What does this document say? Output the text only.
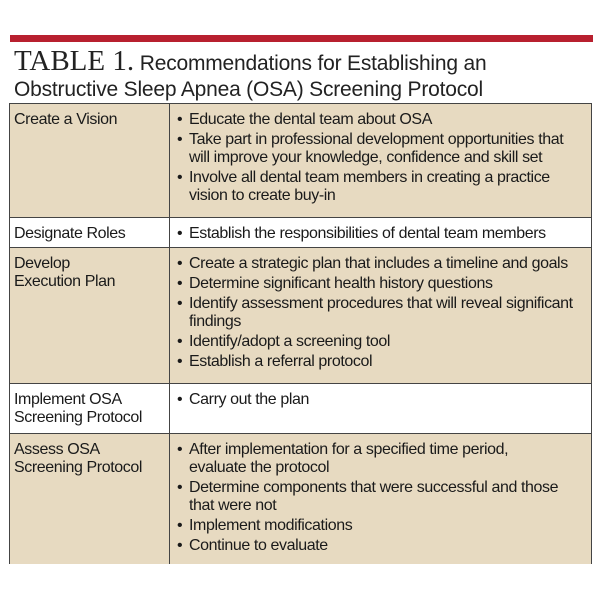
TABLE 1. Recommendations for Establishing an
Obstructive Sleep Apnea (OSA) Screening Protocol
Create a Vision	• Educate the dental team about OSA
• Take part in professional development opportunities that
will improve your knowledge, confidence and skill set
• Involve all dental team members in creating a practice
vision to create buy-in
Designate Roles	• Establish the responsibilities of dental team members
Develop
Execution Plan
• Create a strategic plan that includes a timeline and goals
• Determine significant health history questions
• Identify assessment procedures that will reveal significant
findings
• Identify/adopt a screening tool
• Establish a referral protocol
Implement OSA
Screening Protocol
• Carry out the plan
Assess OSA
Screening Protocol
• After implementation for a specified time period,
evaluate the protocol
• Determine components that were successful and those
that were not
• Implement modifications
• Continue to evaluate
